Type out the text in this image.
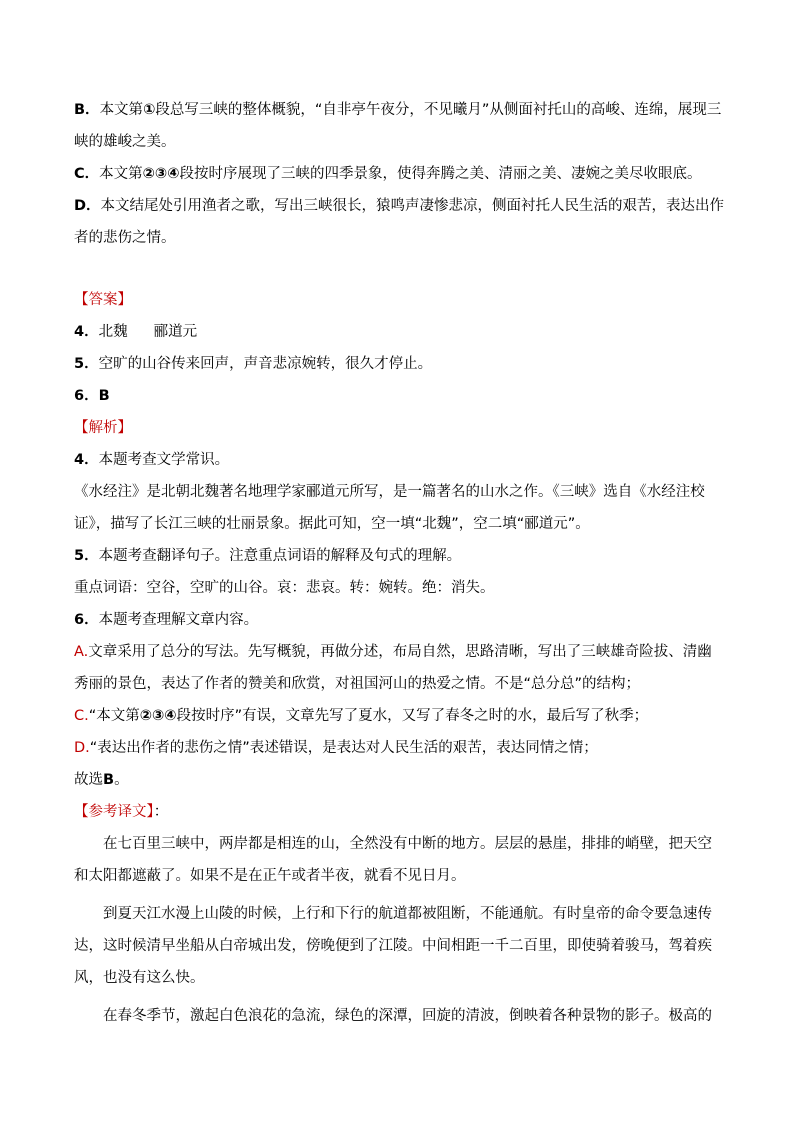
B．本文第①段总写三峡的整体概貌，“自非亭午夜分，不见曦月”从侧面衬托山的高峻、连绵，展现三
峡的雄峻之美。
C．本文第②③④段按时序展现了三峡的四季景象，使得奔腾之美、清丽之美、凄婉之美尽收眼底。
D．本文结尾处引用渔者之歌，写出三峡很长，猿鸣声凄惨悲凉，侧面衬托人民生活的艰苦，表达出作
者的悲伤之情。
【答案】
4．北魏 郦道元
5．空旷的山谷传来回声，声音悲凉婉转，很久才停止。
6．B
【解析】
4．本题考查文学常识。
《水经注》是北朝北魏著名地理学家郦道元所写，是一篇著名的山水之作。《三峡》选自《水经注校
证》，描写了长江三峡的壮丽景象。据此可知，空一填“北魏”，空二填“郦道元”。
5．本题考查翻译句子。注意重点词语的解释及句式的理解。
重点词语：空谷，空旷的山谷。哀：悲哀。转：婉转。绝：消失。
6．本题考查理解文章内容。
A.文章采用了总分的写法。先写概貌，再做分述，布局自然，思路清晰，写出了三峡雄奇险拔、清幽
秀丽的景色，表达了作者的赞美和欣赏，对祖国河山的热爱之情。不是“总分总”的结构；
C.“本文第②③④段按时序”有误，文章先写了夏水，又写了春冬之时的水，最后写了秋季；
D.“表达出作者的悲伤之情”表述错误，是表达对人民生活的艰苦，表达同情之情；
故选B。
【参考译文】：
在七百里三峡中，两岸都是相连的山，全然没有中断的地方。层层的悬崖，排排的峭壁，把天空
和太阳都遮蔽了。如果不是在正午或者半夜，就看不见日月。
到夏天江水漫上山陵的时候，上行和下行的航道都被阻断，不能通航。有时皇帝的命令要急速传
达，这时候清早坐船从白帝城出发，傍晚便到了江陵。中间相距一千二百里，即使骑着骏马，驾着疾
风，也没有这么快。
在春冬季节，激起白色浪花的急流，绿色的深潭，回旋的清波，倒映着各种景物的影子。极高的
